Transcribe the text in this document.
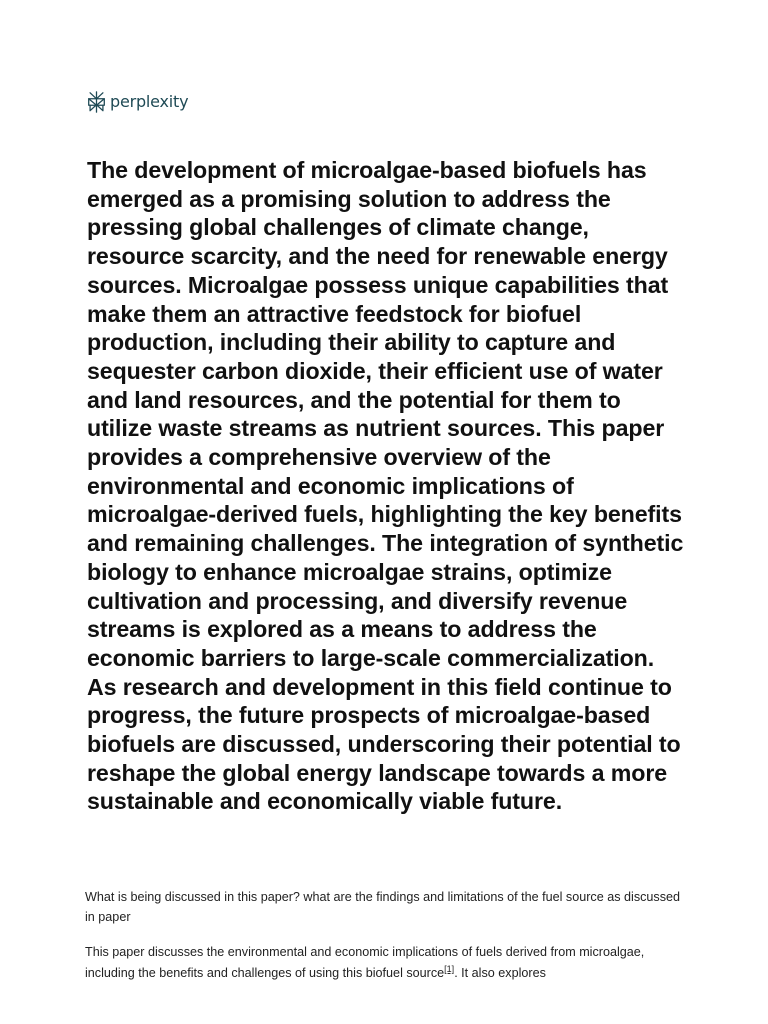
perplexity
The development of microalgae-based biofuels has emerged as a promising solution to address the pressing global challenges of climate change, resource scarcity, and the need for renewable energy sources. Microalgae possess unique capabilities that make them an attractive feedstock for biofuel production, including their ability to capture and sequester carbon dioxide, their efficient use of water and land resources, and the potential for them to utilize waste streams as nutrient sources. This paper provides a comprehensive overview of the environmental and economic implications of microalgae-derived fuels, highlighting the key benefits and remaining challenges. The integration of synthetic biology to enhance microalgae strains, optimize cultivation and processing, and diversify revenue streams is explored as a means to address the economic barriers to large-scale commercialization. As research and development in this field continue to progress, the future prospects of microalgae-based biofuels are discussed, underscoring their potential to reshape the global energy landscape towards a more sustainable and economically viable future.

What is being discussed in this paper? what are the findings and limitations of the fuel source as discussed in paper

This paper discusses the environmental and economic implications of fuels derived from microalgae, including the benefits and challenges of using this biofuel source[1]. It also explores
